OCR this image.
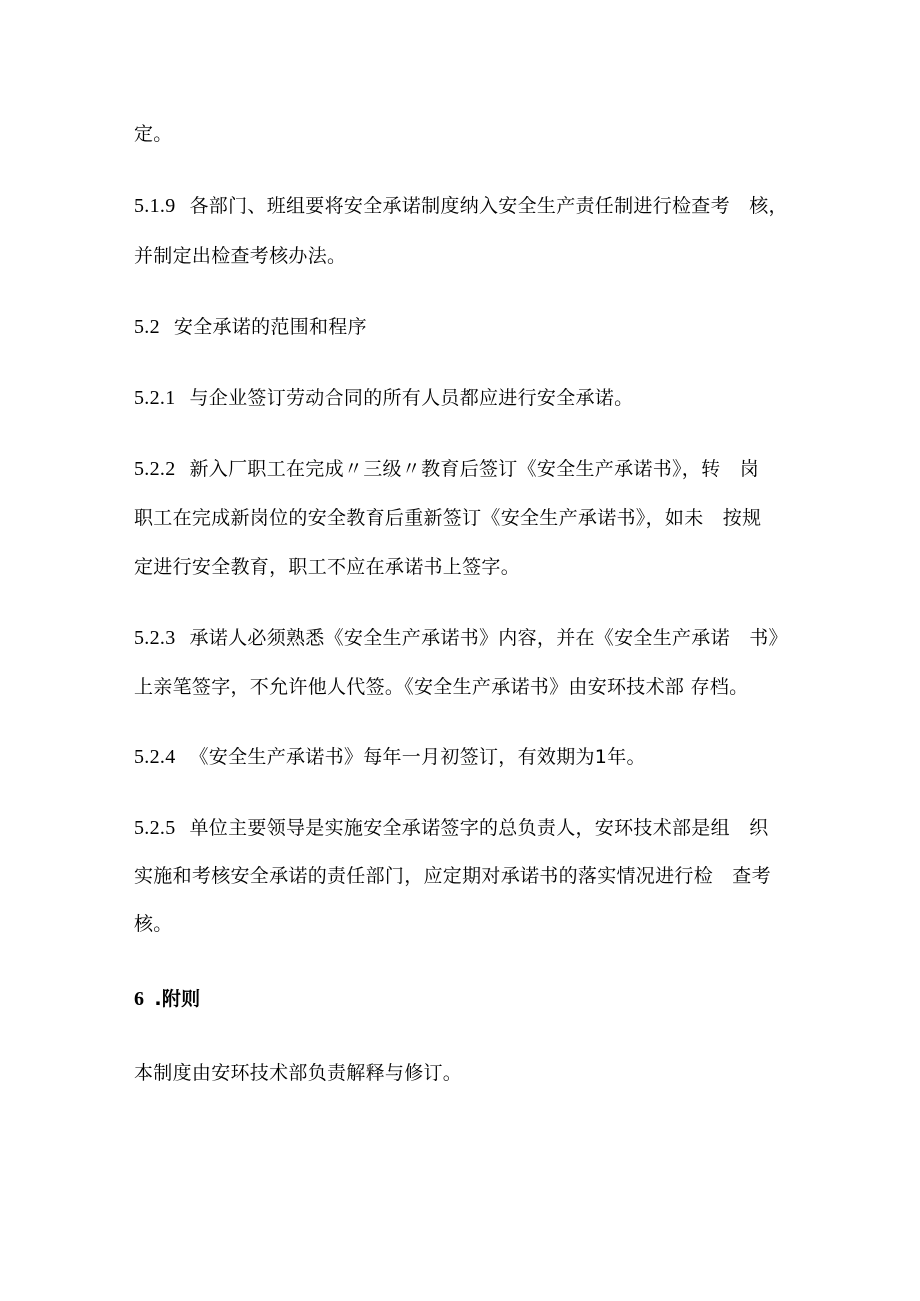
定。
5.1.9 各部门、班组要将安全承诺制度纳入安全生产责任制进行检查考　核，
并制定出检查考核办法。
5.2 安全承诺的范围和程序
5.2.1 与企业签订劳动合同的所有人员都应进行安全承诺。
5.2.2 新入厂职工在完成〃三级〃教育后签订《安全生产承诺书》，转　岗
职工在完成新岗位的安全教育后重新签订《安全生产承诺书》，如未　按规
定进行安全教育，职工不应在承诺书上签字。
5.2.3 承诺人必须熟悉《安全生产承诺书》内容，并在《安全生产承诺　书》
上亲笔签字，不允许他人代签。《安全生产承诺书》由安环技术部 存档。
5.2.4 《安全生产承诺书》每年一月初签订，有效期为1年。
5.2.5 单位主要领导是实施安全承诺签字的总负责人，安环技术部是组　织
实施和考核安全承诺的责任部门，应定期对承诺书的落实情况进行检　查考
核。
6 .附则
本制度由安环技术部负责解释与修订。
